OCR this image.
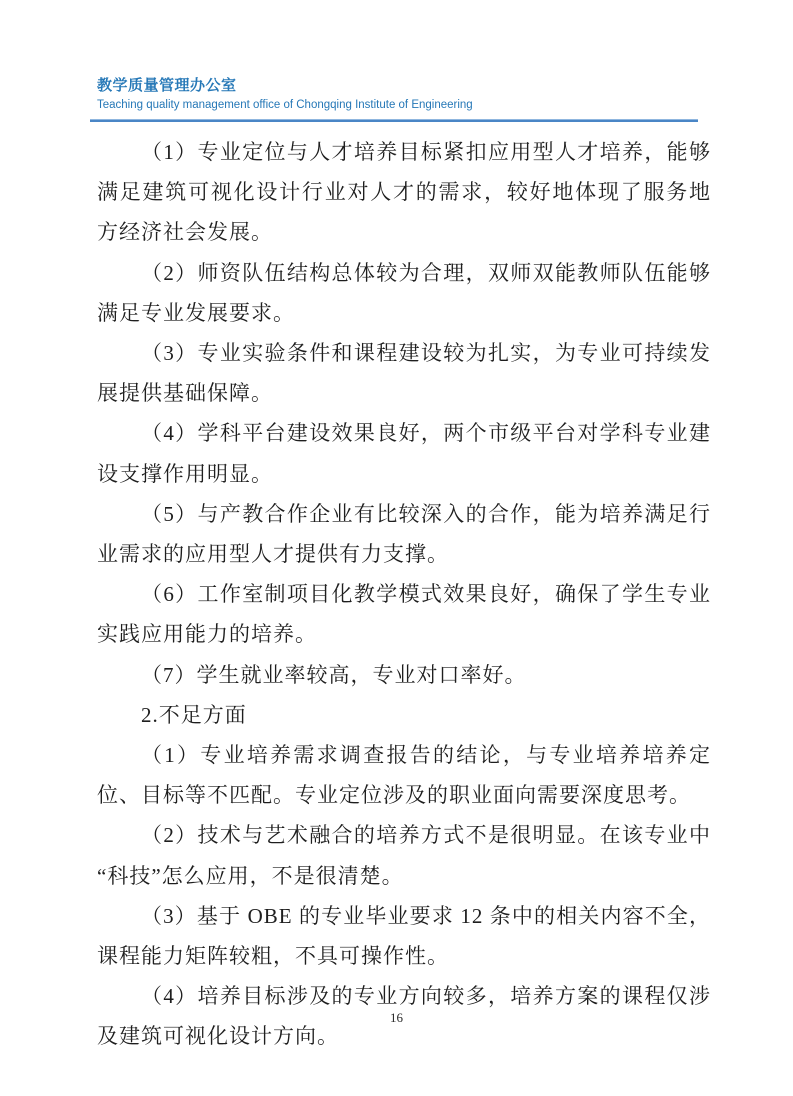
教学质量管理办公室
Teaching quality management office of Chongqing Institute of Engineering

（1）专业定位与人才培养目标紧扣应用型人才培养，能够满足建筑可视化设计行业对人才的需求，较好地体现了服务地方经济社会发展。

（2）师资队伍结构总体较为合理，双师双能教师队伍能够满足专业发展要求。

（3）专业实验条件和课程建设较为扎实，为专业可持续发展提供基础保障。

（4）学科平台建设效果良好，两个市级平台对学科专业建设支撑作用明显。

（5）与产教合作企业有比较深入的合作，能为培养满足行业需求的应用型人才提供有力支撑。

（6）工作室制项目化教学模式效果良好，确保了学生专业实践应用能力的培养。

（7）学生就业率较高，专业对口率好。

2.不足方面

（1）专业培养需求调查报告的结论，与专业培养培养定位、目标等不匹配。专业定位涉及的职业面向需要深度思考。

（2）技术与艺术融合的培养方式不是很明显。在该专业中“科技”怎么应用，不是很清楚。

（3）基于 OBE 的专业毕业要求 12 条中的相关内容不全，课程能力矩阵较粗，不具可操作性。

（4）培养目标涉及的专业方向较多，培养方案的课程仅涉及建筑可视化设计方向。

16
